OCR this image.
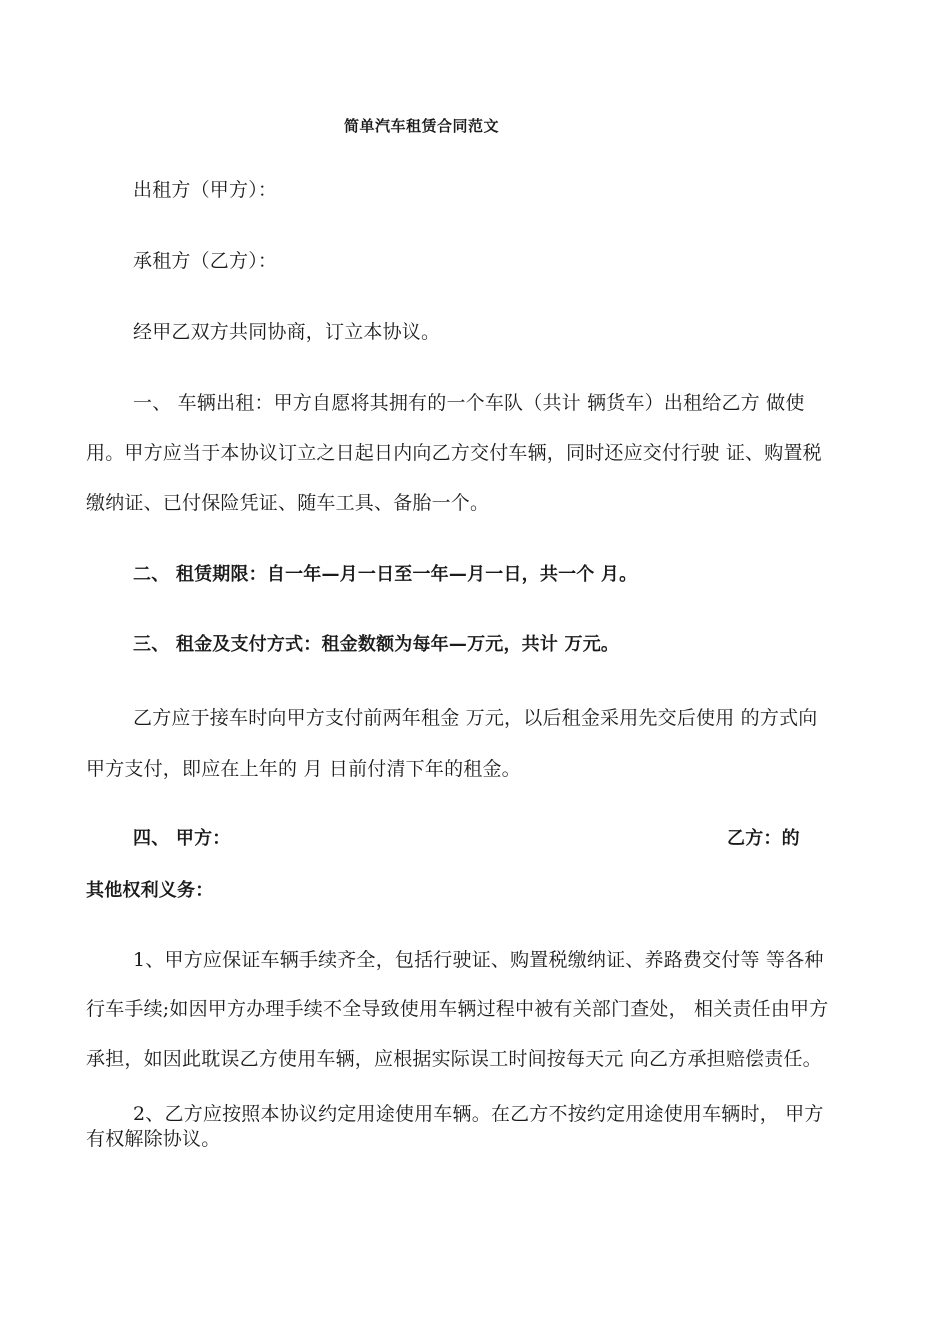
简单汽车租赁合同范文
出租方（甲方）：
承租方（乙方）：
经甲乙双方共同协商，订立本协议。
一、 车辆出租：甲方自愿将其拥有的一个车队（共计 辆货车）出租给乙方 做使
用。甲方应当于本协议订立之日起日内向乙方交付车辆，同时还应交付行驶 证、购置税
缴纳证、已付保险凭证、随车工具、备胎一个。
二、 租赁期限：自一年—月一日至一年—月一日，共一个 月。
三、 租金及支付方式：租金数额为每年—万元，共计 万元。
乙方应于接车时向甲方支付前两年租金 万元，以后租金采用先交后使用 的方式向
甲方支付，即应在上年的 月 日前付清下年的租金。
四、 甲方：	乙方：的
其他权利义务：
1、甲方应保证车辆手续齐全，包括行驶证、购置税缴纳证、养路费交付等 等各种
行车手续;如因甲方办理手续不全导致使用车辆过程中被有关部门查处， 相关责任由甲方
承担，如因此耽误乙方使用车辆，应根据实际误工时间按每天元 向乙方承担赔偿责任。
2、乙方应按照本协议约定用途使用车辆。在乙方不按约定用途使用车辆时， 甲方
有权解除协议。
